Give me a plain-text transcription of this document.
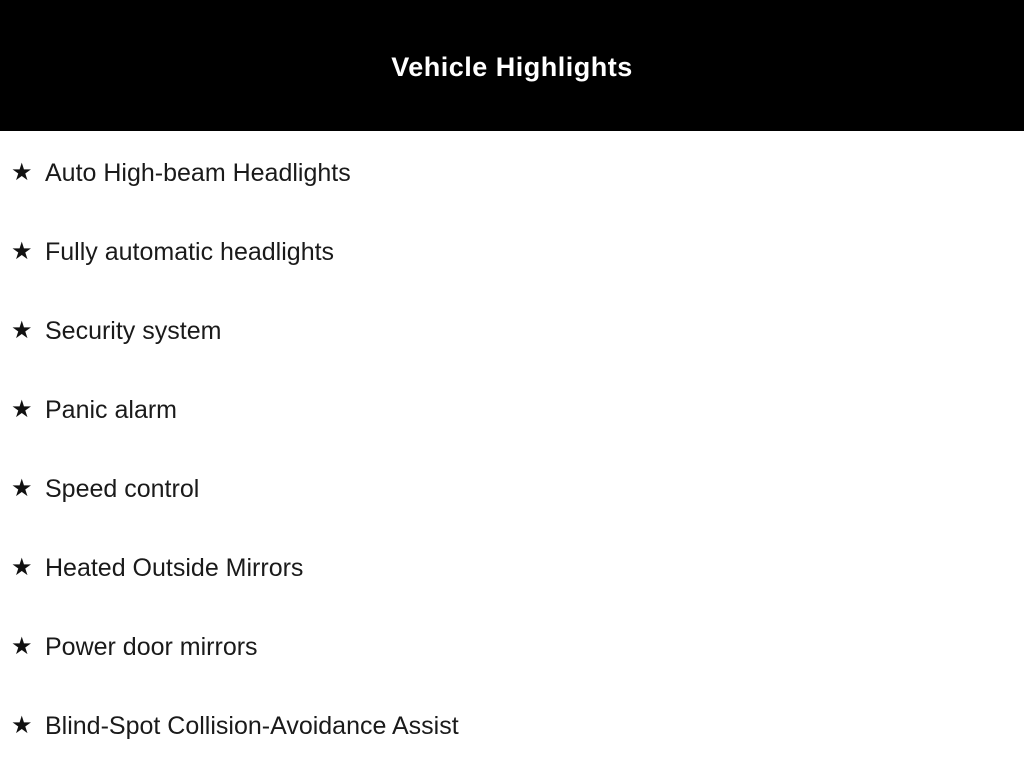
Vehicle Highlights
★ Auto High-beam Headlights
★ Fully automatic headlights
★ Security system
★ Panic alarm
★ Speed control
★ Heated Outside Mirrors
★ Power door mirrors
★ Blind-Spot Collision-Avoidance Assist
